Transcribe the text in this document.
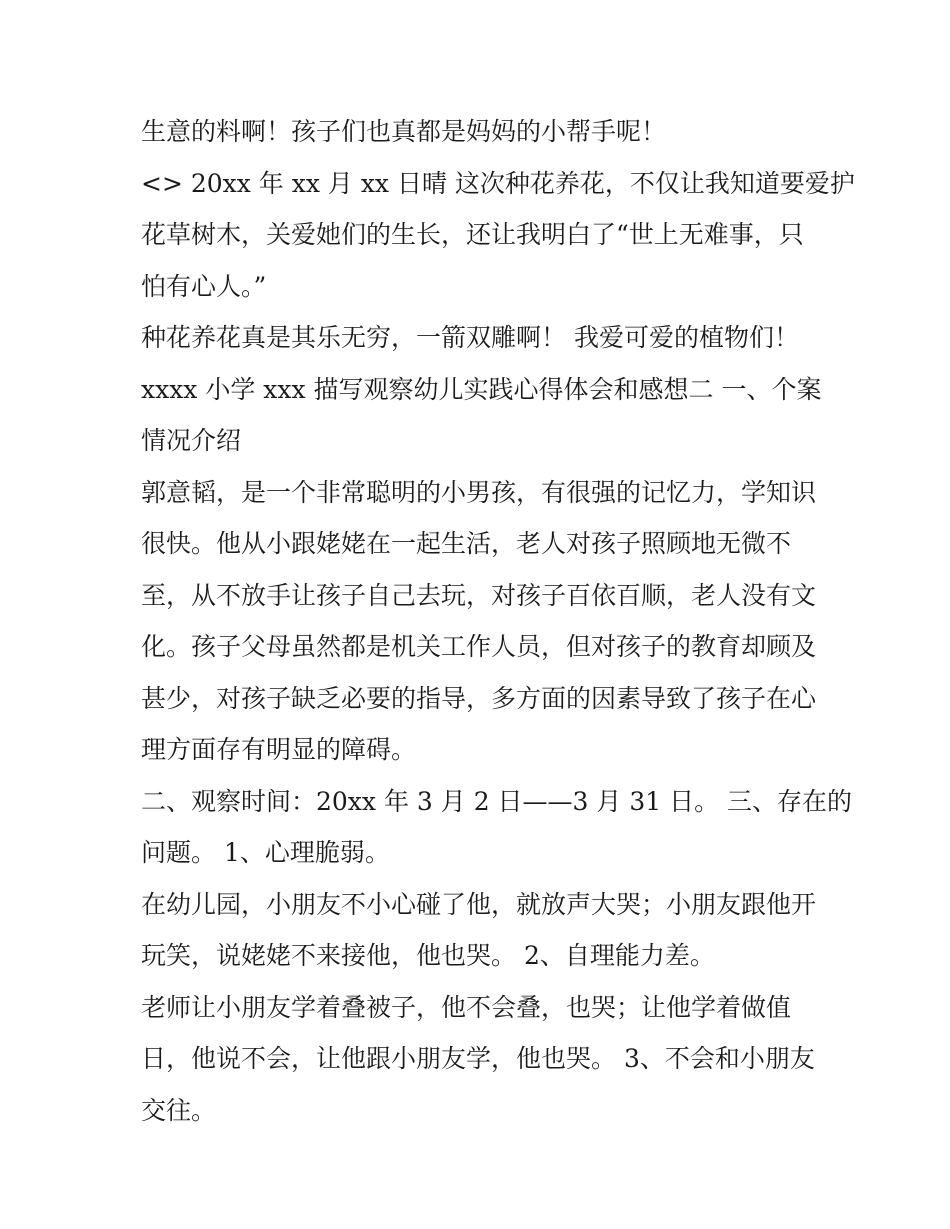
生意的料啊！孩子们也真都是妈妈的小帮手呢！
<> 20xx 年 xx 月 xx 日晴 这次种花养花，不仅让我知道要爱护
花草树木，关爱她们的生长，还让我明白了“世上无难事，只
怕有心人。”
种花养花真是其乐无穷，一箭双雕啊！ 我爱可爱的植物们！
xxxx 小学 xxx 描写观察幼儿实践心得体会和感想二 一、个案
情况介绍
郭意韬，是一个非常聪明的小男孩，有很强的记忆力，学知识
很快。他从小跟姥姥在一起生活，老人对孩子照顾地无微不
至，从不放手让孩子自己去玩，对孩子百依百顺，老人没有文
化。孩子父母虽然都是机关工作人员，但对孩子的教育却顾及
甚少，对孩子缺乏必要的指导，多方面的因素导致了孩子在心
理方面存有明显的障碍。
二、观察时间：20xx 年 3 月 2 日——3 月 31 日。 三、存在的
问题。 1、心理脆弱。
在幼儿园，小朋友不小心碰了他，就放声大哭；小朋友跟他开
玩笑，说姥姥不来接他，他也哭。 2、自理能力差。
老师让小朋友学着叠被子，他不会叠，也哭；让他学着做值
日，他说不会，让他跟小朋友学，他也哭。 3、不会和小朋友
交往。
